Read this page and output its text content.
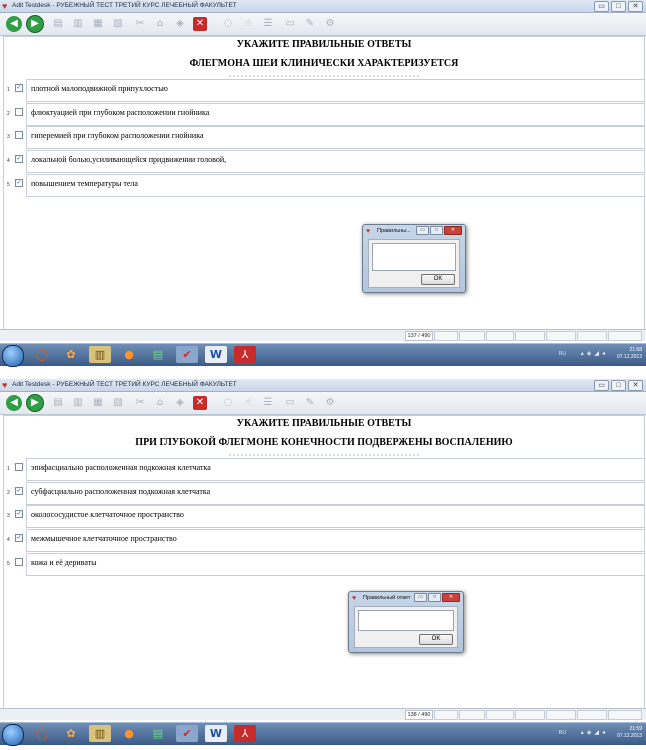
♥ Adit Testdesk - РУБЕЖНЫЙ ТЕСТ ТРЕТИЙ КУРС ЛЕЧЕБНЫЙ ФАКУЛЬТЕТ	▭	□	✕
◀	▶	▤	▥	▦	▧	✂	⌂	◈	✕	◌	☝	☰	▭	✎	⚙
УКАЖИТЕ ПРАВИЛЬНЫЕ ОТВЕТЫ
ФЛЕГМОНА ШЕИ КЛИНИЧЕСКИ ХАРАКТЕРИЗУЕТСЯ
1 ✓ плотной малоподвижной припухлостью
2	флюктуацией при глубоком расположении гнойника
3	гиперемией при глубоком расположении гнойника
4 ✓ локальной болью,усиливающейся придвижении головой,
5 ✓ повышением температуры тела
♥ Правильны...	▭	□	✕
OK
137 / 490
◯	✿	▥	●	▤	✔	W	⅄	RU ▴◈◢◂	21:58
07.12.2013
♥ Adit Testdesk - РУБЕЖНЫЙ ТЕСТ ТРЕТИЙ КУРС ЛЕЧЕБНЫЙ ФАКУЛЬТЕТ	▭	□	✕
◀	▶	▤	▥	▦	▧	✂	⌂	◈	✕	◌	☝	☰	▭	✎	⚙
УКАЖИТЕ ПРАВИЛЬНЫЕ ОТВЕТЫ
ПРИ ГЛУБОКОЙ ФЛЕГМОНЕ КОНЕЧНОСТИ ПОДВЕРЖЕНЫ ВОСПАЛЕНИЮ
1	эпифасциально расположенная подкожная клетчатка
2 ✓ субфасциально расположенная подкожная клетчатка
3 ✓ околососудистое клетчаточное пространство
4 ✓ межмышечное клетчаточное пространство
5	кожа и её дериваты
♥ Правильный ответ	▭	□	✕
OK
138 / 490
◯	✿	▥	●	▤	✔	W	⅄	RU ▴◈◢◂	21:59
07.12.2013
